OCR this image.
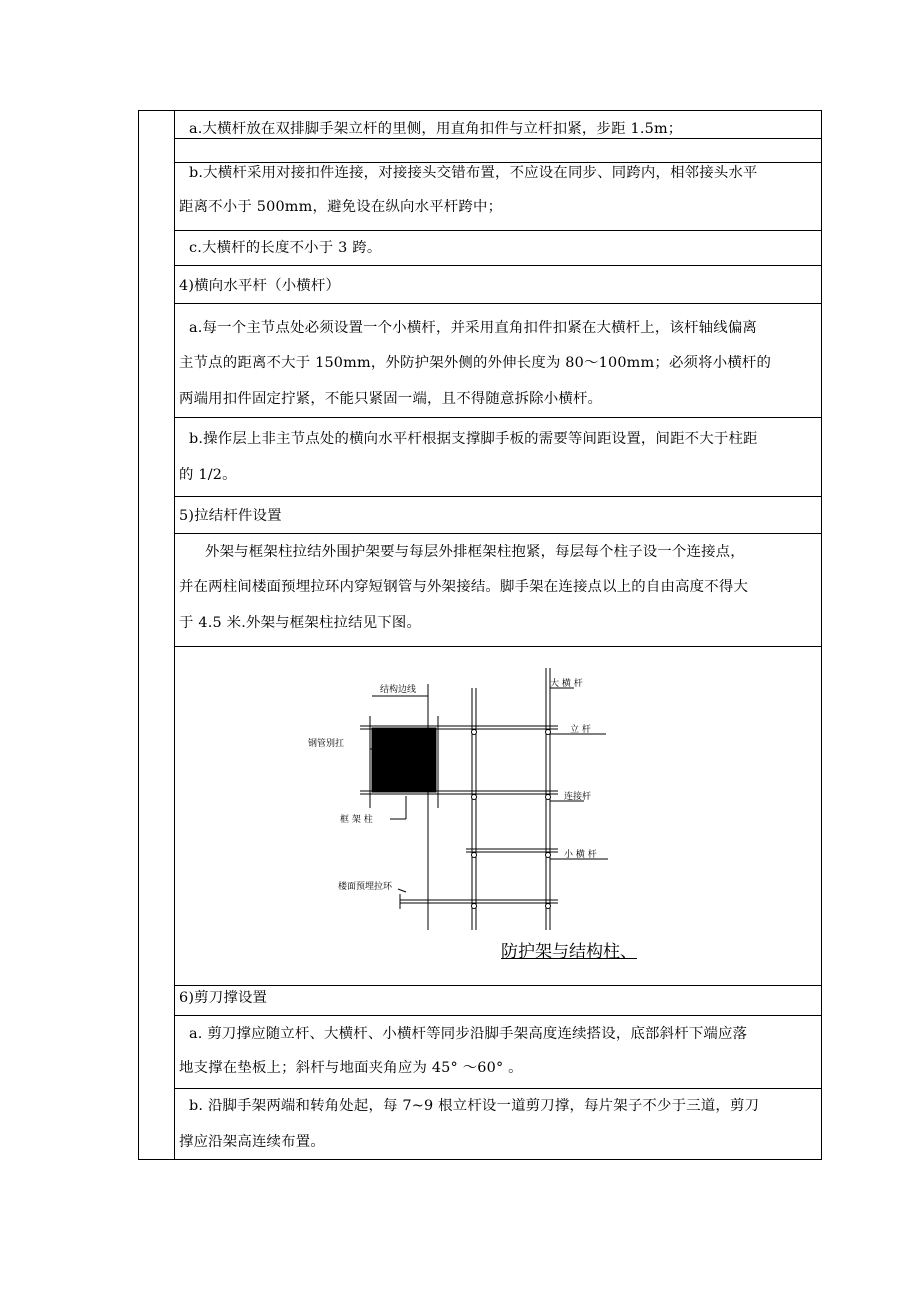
a.大横杆放在双排脚手架立杆的里侧，用直角扣件与立杆扣紧，步距 1.5m；
b.大横杆采用对接扣件连接，对接接头交错布置，不应设在同步、同跨内，相邻接头水平
距离不小于 500mm，避免设在纵向水平杆跨中；
c.大横杆的长度不小于 3 跨。
4)横向水平杆（小横杆）
a.每一个主节点处必须设置一个小横杆，并采用直角扣件扣紧在大横杆上，该杆轴线偏离
主节点的距离不大于 150mm，外防护架外侧的外伸长度为 80～100mm；必须将小横杆的
两端用扣件固定拧紧，不能只紧固一端，且不得随意拆除小横杆。
b.操作层上非主节点处的横向水平杆根据支撑脚手板的需要等间距设置，间距不大于柱距
的 1/2。
5)拉结杆件设置
外架与框架柱拉结外围护架要与每层外排框架柱抱紧，每层每个柱子设一个连接点，
并在两柱间楼面预埋拉环内穿短钢管与外架接结。脚手架在连接点以上的自由高度不得大
于 4.5 米.外架与框架柱拉结见下图。
6)剪刀撑设置
a. 剪刀撑应随立杆、大横杆、小横杆等同步沿脚手架高度连续搭设，底部斜杆下端应落
地支撑在垫板上；斜杆与地面夹角应为 45° ～60° 。
b. 沿脚手架两端和转角处起，每 7~9 根立杆设一道剪刀撑，每片架子不少于三道，剪刀
撑应沿架高连续布置。
结构边线
大 横 杆
立 杆
钢管别扛
连接杆
框 架 柱
小 横 杆
楼面预埋拉环
防护架与结构柱、
